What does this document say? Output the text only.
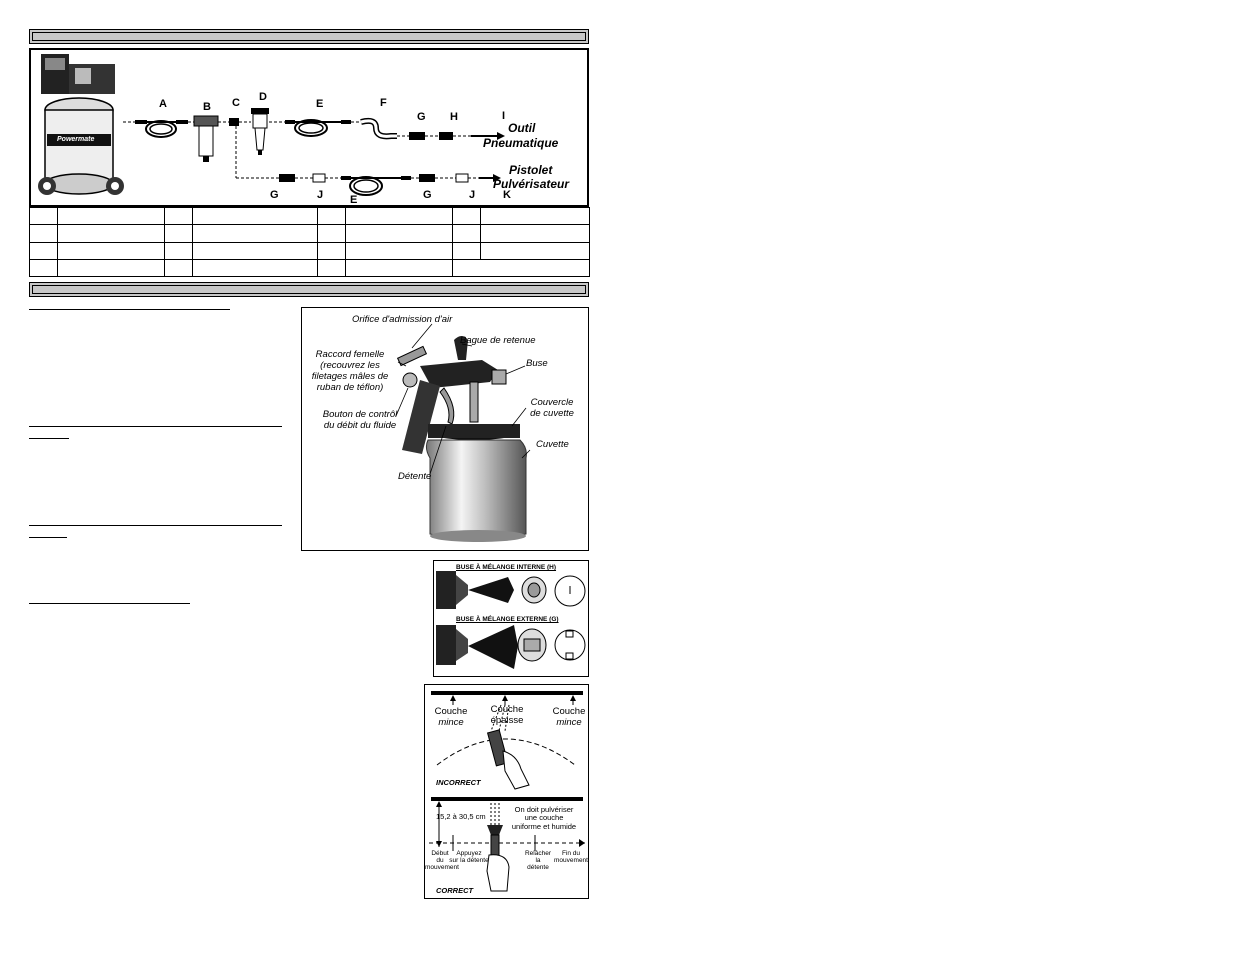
Powermate
A	B C D
E	F
G H	I
Outil
Pneumatique
Pistolet
Pulvérisateur
G	J E	G	J	K

Orifice d'admission d'air
Bague de retenue
Raccord femelle
(recouvrez les
filetages mâles de
ruban de téflon)
Buse
Bouton de contrôl
du débit du fluide
Couvercle
de cuvette
Cuvette
Détente
BUSE À MÉLANGE INTERNE (H)
BUSE À MÉLANGE EXTERNE (G)
Couche
mince
Couche
épaisse
Couche
mince
INCORRECT
On doit pulvériser
une couche
uniforme et humide
15,2 à 30,5 cm
Début
du
mouvement
Appuyez
sur la détente
Relâcher
la
détente
Fin du
mouvement
CORRECT
